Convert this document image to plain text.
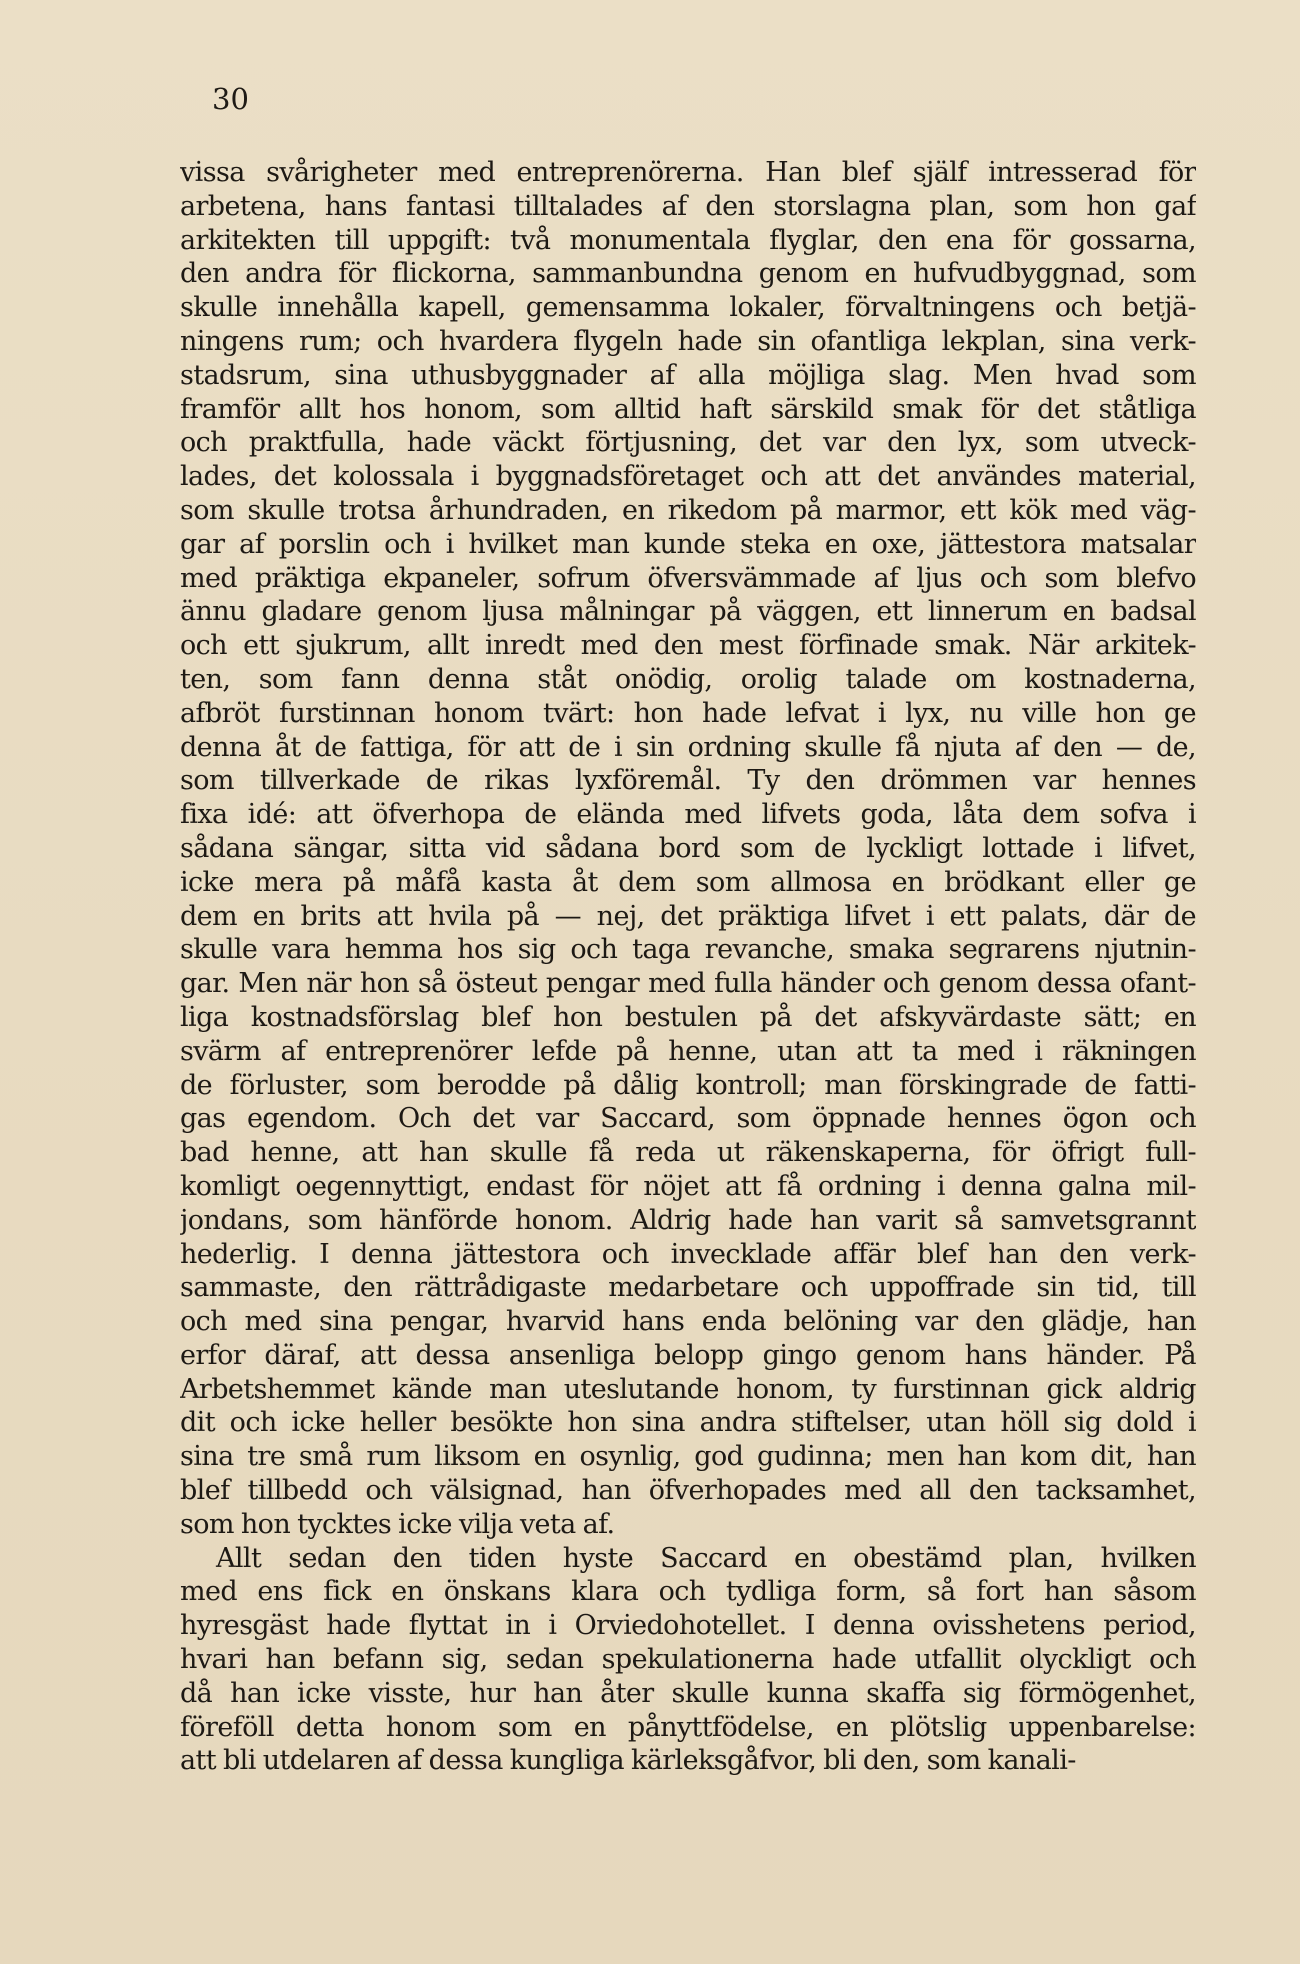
30
vissa svårigheter med entreprenörerna. Han blef själf intresserad för
arbetena, hans fantasi tilltalades af den storslagna plan, som hon gaf
arkitekten till uppgift: två monumentala flyglar, den ena för gossarna,
den andra för flickorna, sammanbundna genom en hufvudbyggnad, som
skulle innehålla kapell, gemensamma lokaler, förvaltningens och betjä-
ningens rum; och hvardera flygeln hade sin ofantliga lekplan, sina verk-
stadsrum, sina uthusbyggnader af alla möjliga slag. Men hvad som
framför allt hos honom, som alltid haft särskild smak för det ståtliga
och praktfulla, hade väckt förtjusning, det var den lyx, som utveck-
lades, det kolossala i byggnadsföretaget och att det användes material,
som skulle trotsa århundraden, en rikedom på marmor, ett kök med väg-
gar af porslin och i hvilket man kunde steka en oxe, jättestora matsalar
med präktiga ekpaneler, sofrum öfversvämmade af ljus och som blefvo
ännu gladare genom ljusa målningar på väggen, ett linnerum en badsal
och ett sjukrum, allt inredt med den mest förfinade smak. När arkitek-
ten, som fann denna ståt onödig, orolig talade om kostnaderna,
afbröt furstinnan honom tvärt: hon hade lefvat i lyx, nu ville hon ge
denna åt de fattiga, för att de i sin ordning skulle få njuta af den — de,
som tillverkade de rikas lyxföremål. Ty den drömmen var hennes
fixa idé: att öfverhopa de elända med lifvets goda, låta dem sofva i
sådana sängar, sitta vid sådana bord som de lyckligt lottade i lifvet,
icke mera på måfå kasta åt dem som allmosa en brödkant eller ge
dem en brits att hvila på — nej, det präktiga lifvet i ett palats, där de
skulle vara hemma hos sig och taga revanche, smaka segrarens njutnin-
gar. Men när hon så östeut pengar med fulla händer och genom dessa ofant-
liga kostnadsförslag blef hon bestulen på det afskyvärdaste sätt; en
svärm af entreprenörer lefde på henne, utan att ta med i räkningen
de förluster, som berodde på dålig kontroll; man förskingrade de fatti-
gas egendom. Och det var Saccard, som öppnade hennes ögon och
bad henne, att han skulle få reda ut räkenskaperna, för öfrigt full-
komligt oegennyttigt, endast för nöjet att få ordning i denna galna mil-
jondans, som hänförde honom. Aldrig hade han varit så samvetsgrannt
hederlig. I denna jättestora och invecklade affär blef han den verk-
sammaste, den rättrådigaste medarbetare och uppoffrade sin tid, till
och med sina pengar, hvarvid hans enda belöning var den glädje, han
erfor däraf, att dessa ansenliga belopp gingo genom hans händer. På
Arbetshemmet kände man uteslutande honom, ty furstinnan gick aldrig
dit och icke heller besökte hon sina andra stiftelser, utan höll sig dold i
sina tre små rum liksom en osynlig, god gudinna; men han kom dit, han
blef tillbedd och välsignad, han öfverhopades med all den tacksamhet,
som hon tycktes icke vilja veta af.
Allt sedan den tiden hyste Saccard en obestämd plan, hvilken
med ens fick en önskans klara och tydliga form, så fort han såsom
hyresgäst hade flyttat in i Orviedohotellet. I denna ovisshetens period,
hvari han befann sig, sedan spekulationerna hade utfallit olyckligt och
då han icke visste, hur han åter skulle kunna skaffa sig förmögenhet,
föreföll detta honom som en pånyttfödelse, en plötslig uppenbarelse:
att bli utdelaren af dessa kungliga kärleksgåfvor, bli den, som kanali-
